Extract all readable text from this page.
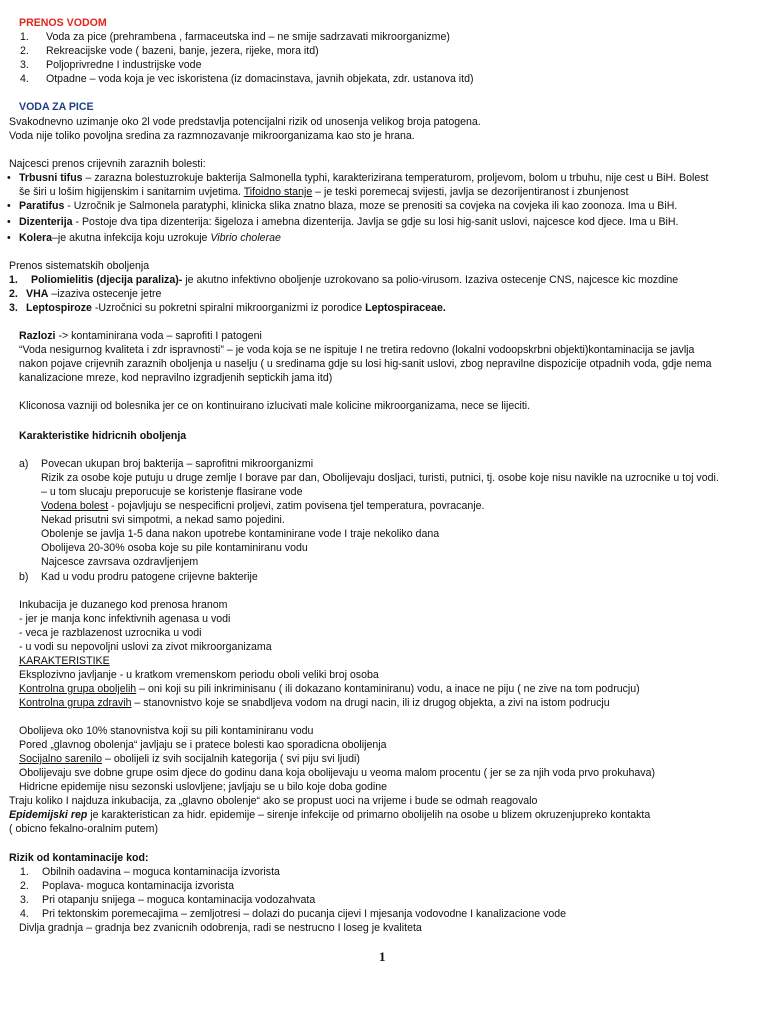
PRENOS VODOM
1. Voda za pice (prehrambena , farmaceutska ind – ne smije sadrzavati mikroorganizme)
2. Rekreacijske vode ( bazeni, banje, jezera, rijeke, mora itd)
3. Poljoprivredne I industrijske vode
4. Otpadne – voda koja je vec iskoristena (iz domacinstava, javnih objekata, zdr. ustanova itd)
VODA ZA PICE
Svakodnevno uzimanje oko 2l vode predstavlja potencijalni rizik od unosenja velikog broja patogena.
Voda nije toliko povoljna sredina za razmnozavanje mikroorganizama kao sto je hrana.
Najcesci prenos crijevnih zaraznih bolesti:
• Trbusni tifus – zarazna bolestuzrokuje bakterija Salmonella typhi, karakterizirana temperaturom, proljevom, bolom u trbuhu, nije cest u BiH. Bolest
še širi u lošim higijenskim i sanitarnim uvjetima. Tifoidno stanje – je teski poremecaj svijesti, javlja se dezorijentiranost i zbunjenost
• Paratifus - Uzročnik je Salmonela paratyphi, klinicka slika znatno blaza, moze se prenositi sa covjeka na covjeka ili kao zoonoza. Ima u BiH.
• Dizenterija - Postoje dva tipa dizenterija: šigeloza i amebna dizenterija. Javlja se gdje su losi hig-sanit uslovi, najcesce kod djece. Ima u BiH.
• Kolera–je akutna infekcija koju uzrokuje Vibrio cholerae
Prenos sistematskih oboljenja
1. Poliomielitis (djecija paraliza)- je akutno infektivno oboljenje uzrokovano sa polio-virusom. Izaziva ostecenje CNS, najcesce kic mozdine
2. VHA –izaziva ostecenje jetre
3. Leptospiroze -Uzročnici su pokretni spiralni mikroorganizmi iz porodice Leptospiraceae.
Razlozi -> kontaminirana voda – saprofiti I patogeni
“Voda nesigurnog kvaliteta i zdr ispravnosti” – je voda koja se ne ispituje I ne tretira redovno (lokalni vodoopskrbni objekti)kontaminacija se javlja
nakon pojave crijevnih zaraznih oboljenja u naselju ( u sredinama gdje su losi hig-sanit uslovi, zbog nepravilne dispozicije otpadnih voda, gdje nema
kanalizacione mreze, kod nepravilno izgradjenih septickih jama itd)
Kliconosa vazniji od bolesnika jer ce on kontinuirano izlucivati male kolicine mikroorganizama, nece se lijeciti.
Karakteristike hidricnih oboljenja
a) Povecan ukupan broj bakterija – saprofitni mikroorganizmi
Rizik za osobe koje putuju u druge zemlje I borave par dan, Obolijevaju dosljaci, turisti, putnici, tj. osobe koje nisu navikle na uzrocnike u toj vodi.
– u tom slucaju preporucuje se koristenje flasirane vode
Vodena bolest - pojavljuju se nespecificni proljevi, zatim povisena tjel temperatura, povracanje.
Nekad prisutni svi simpotmi, a nekad samo pojedini.
Obolenje se javlja 1-5 dana nakon upotrebe kontaminirane vode I traje nekoliko dana
Obolijeva 20-30% osoba koje su pile kontaminiranu vodu
Najcesce zavrsava ozdravljenjem
b) Kad u vodu prodru patogene crijevne bakterije
Inkubacija je duzanego kod prenosa hranom
- jer je manja konc infektivnih agenasa u vodi
- veca je razblazenost uzrocnika u vodi
- u vodi su nepovoljni uslovi za zivot mikroorganizama
KARAKTERISTIKE
Eksplozivno javljanje - u kratkom vremenskom periodu oboli veliki broj osoba
Kontrolna grupa oboljelih – oni koji su pili inkriminisanu ( ili dokazano kontaminiranu) vodu, a inace ne piju ( ne zive na tom podrucju)
Kontrolna grupa zdravih – stanovnistvo koje se snabdljeva vodom na drugi nacin, ili iz drugog objekta, a zivi na istom podrucju
Obolijeva oko 10% stanovnistva koji su pili kontaminiranu vodu
Pored „glavnog obolenja“ javljaju se i pratece bolesti kao sporadicna obolijenja
Socijalno sarenilo – obolijeli iz svih socijalnih kategorija ( svi piju svi ljudi)
Obolijevaju sve dobne grupe osim djece do godinu dana koja obolijevaju u veoma malom procentu ( jer se za njih voda prvo prokuhava)
Hidricne epidemije nisu sezonski uslovljene; javljaju se u bilo koje doba godine
Traju koliko I najduza inkubacija, za „glavno obolenje“ ako se propust uoci na vrijeme i bude se odmah reagovalo
Epidemijski rep je karakteristican za hidr. epidemije – sirenje infekcije od primarno obolijelih na osobe u blizem okruzenjupreko kontakta
( obicno fekalno-oralnim putem)
Rizik od kontaminacije kod:
1. Obilnih oadavina – moguca kontaminacija izvorista
2. Poplava- moguca kontaminacija izvorista
3. Pri otapanju snijega – moguca kontaminacija vodozahvata
4. Pri tektonskim poremecajima – zemljotresi – dolazi do pucanja cijevi I mjesanja vodovodne I kanalizacione vode
Divlja gradnja – gradnja bez zvanicnih odobrenja, radi se nestrucno I loseg je kvaliteta
1
